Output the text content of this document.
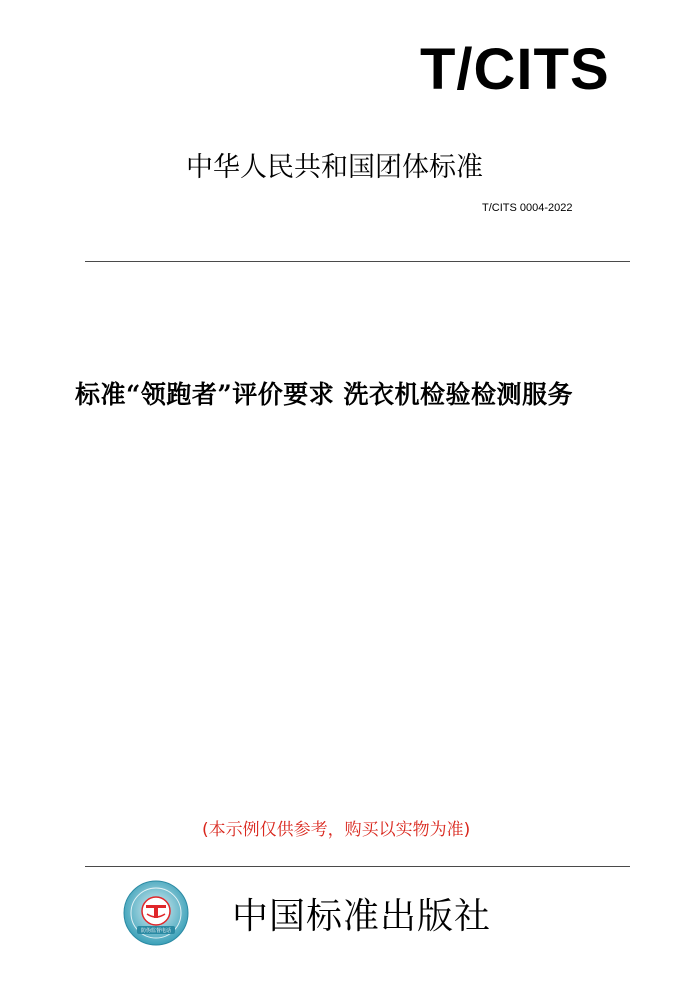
T/CITS
中华人民共和国团体标准
T/CITS 0004-2022
标准“领跑者”评价要求 洗衣机检验检测服务
(本示例仅供参考，购买以实物为准)
防伪监督电话 中国标准出版社
